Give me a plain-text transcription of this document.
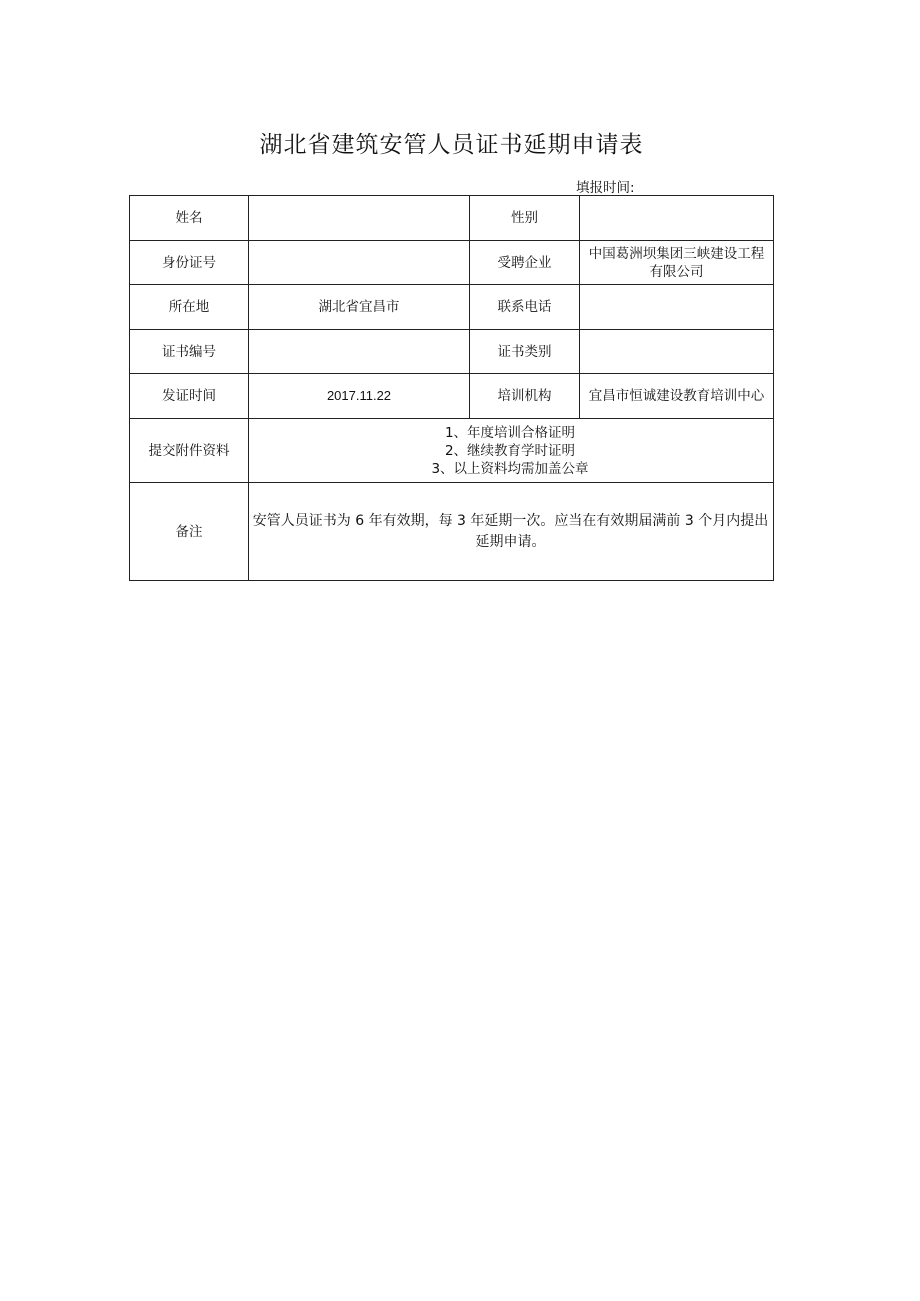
湖北省建筑安管人员证书延期申请表
填报时间:
姓名		性别	
身份证号		受聘企业	中国葛洲坝集团三峡建设工程有限公司
所在地	湖北省宜昌市	联系电话	
证书编号		证书类别	
发证时间	2017.11.22	培训机构	宜昌市恒诚建设教育培训中心
提交附件资料	1、年度培训合格证明
2、继续教育学时证明
3、以上资料均需加盖公章		

备注	安管人员证书为 6 年有效期，每 3 年延期一次。应当在有效期届满前 3 个月内提出延期申请。		
